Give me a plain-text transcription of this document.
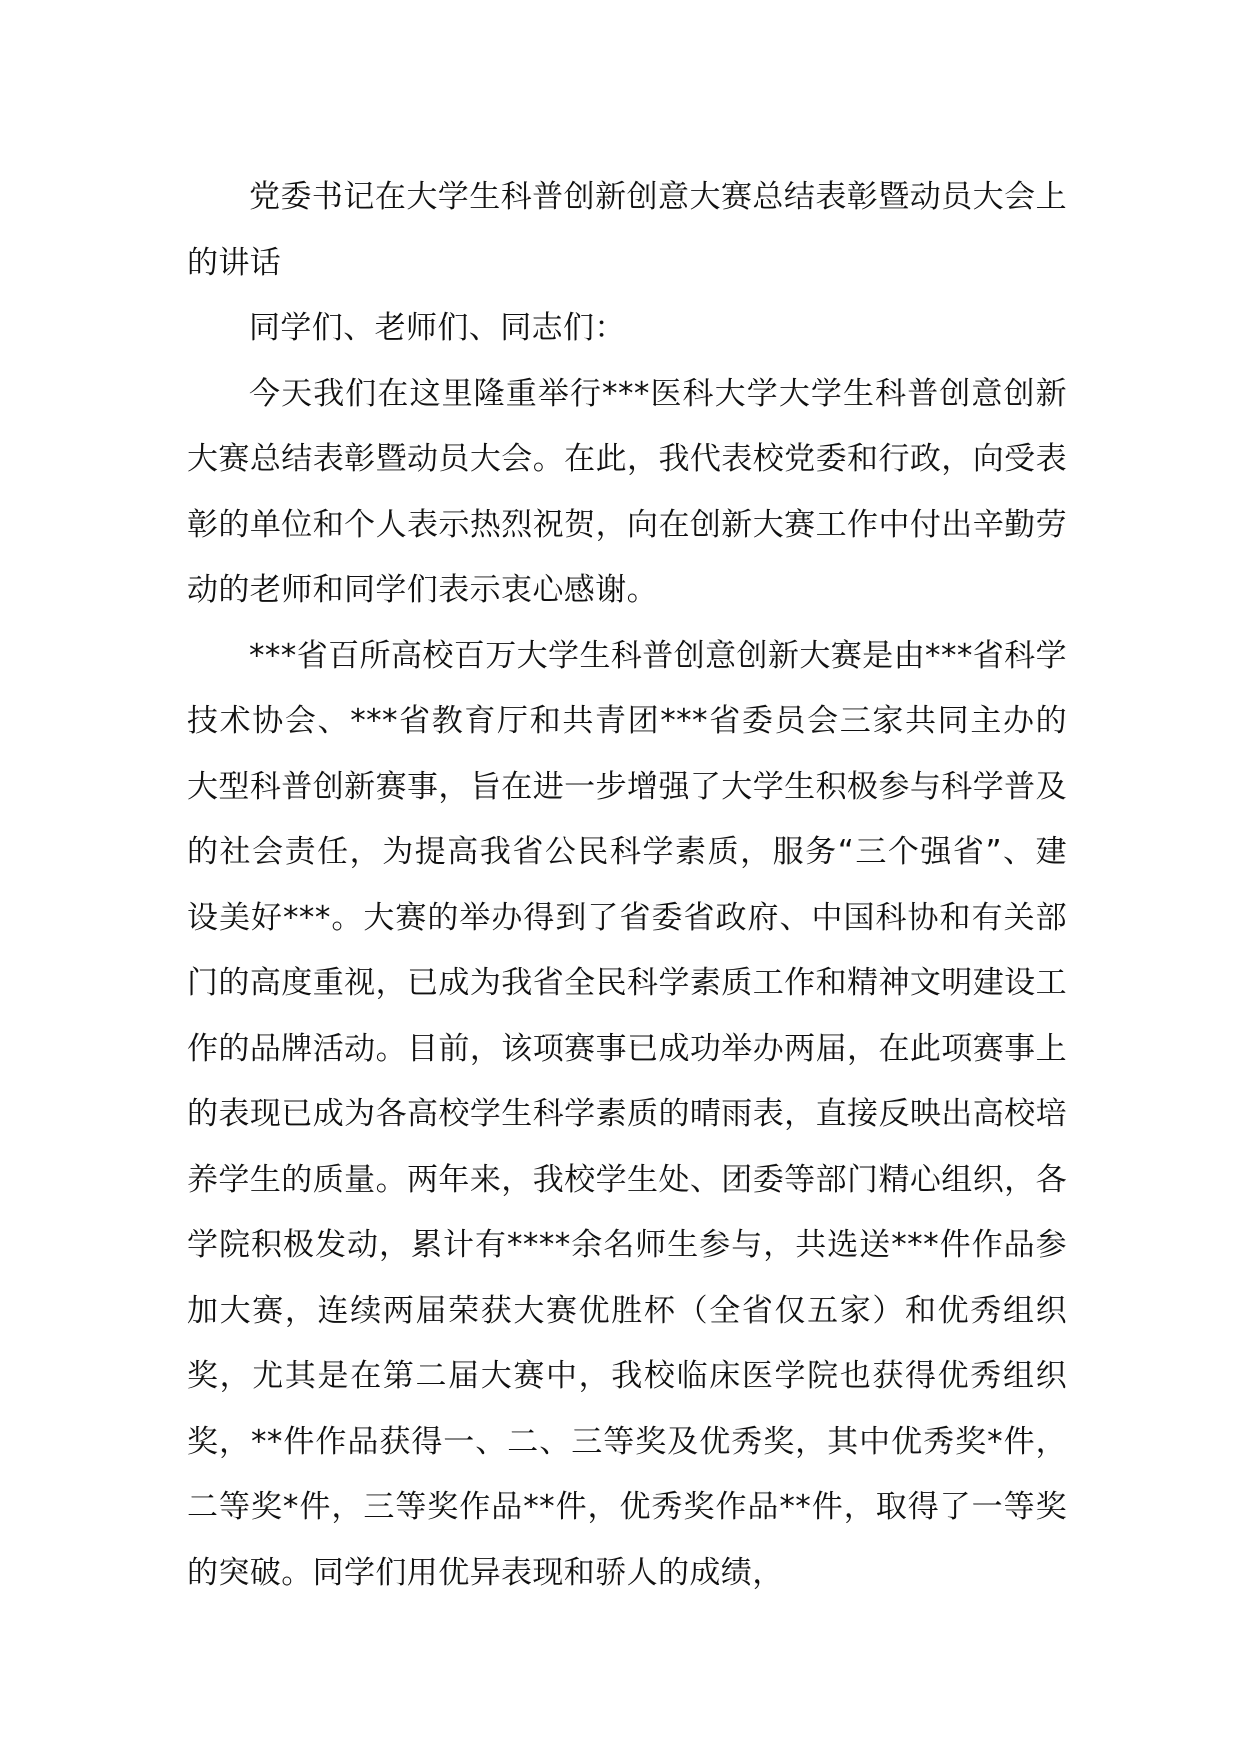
党委书记在大学生科普创新创意大赛总结表彰暨动员大会上的讲话

同学们、老师们、同志们：

今天我们在这里隆重举行***医科大学大学生科普创意创新大赛总结表彰暨动员大会。在此，我代表校党委和行政，向受表彰的单位和个人表示热烈祝贺，向在创新大赛工作中付出辛勤劳动的老师和同学们表示衷心感谢。

***省百所高校百万大学生科普创意创新大赛是由***省科学技术协会、***省教育厅和共青团***省委员会三家共同主办的大型科普创新赛事，旨在进一步增强了大学生积极参与科学普及的社会责任，为提高我省公民科学素质，服务“三个强省”、建设美好***。大赛的举办得到了省委省政府、中国科协和有关部门的高度重视，已成为我省全民科学素质工作和精神文明建设工作的品牌活动。目前，该项赛事已成功举办两届，在此项赛事上的表现已成为各高校学生科学素质的晴雨表，直接反映出高校培养学生的质量。两年来，我校学生处、团委等部门精心组织，各学院积极发动，累计有****余名师生参与，共选送***件作品参加大赛，连续两届荣获大赛优胜杯（全省仅五家）和优秀组织奖，尤其是在第二届大赛中，我校临床医学院也获得优秀组织奖，**件作品获得一、二、三等奖及优秀奖，其中优秀奖*件，二等奖*件，三等奖作品**件，优秀奖作品**件，取得了一等奖的突破。同学们用优异表现和骄人的成绩，
